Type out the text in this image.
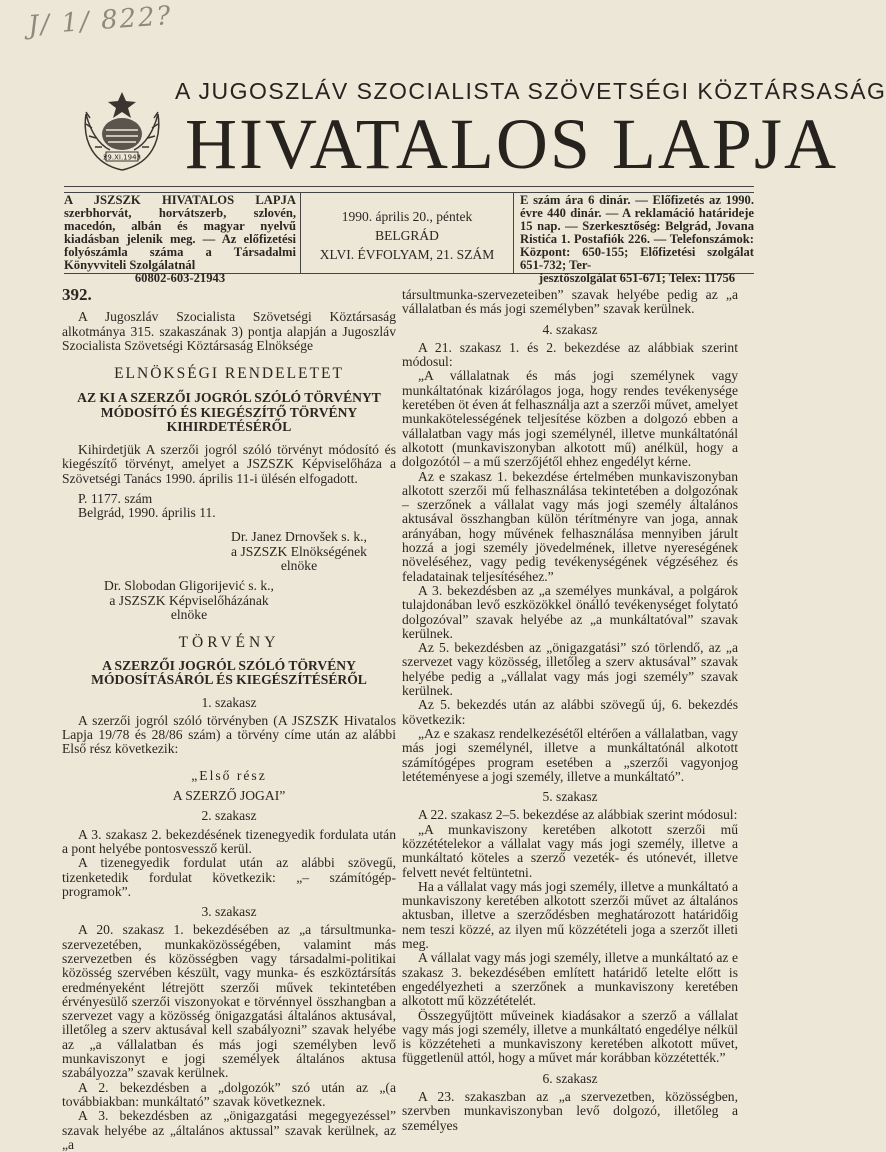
J/ 1/ 822?
29.XI.1943
A JUGOSZLÁV SZOCIALISTA SZÖVETSÉGI KÖZTÁRSASÁG
HIVATALOS LAPJA
A JSZSZK HIVATALOS LAPJA szerbhorvát, horvátszerb, szlovén, macedón, albán és magyar nyelvű kiadásban jelenik meg. — Az előfizetési folyószámla száma a Társadalmi Könyvviteli Szolgálatnál
60802-603-21943
1990. április 20., péntek
BELGRÁD
XLVI. ÉVFOLYAM, 21. SZÁM
E szám ára 6 dinár. — Előfizetés az 1990. évre 440 dinár. — A reklamáció határideje 15 nap. — Szerkesztőség: Belgrád, Jovana Ristića 1. Postafiók 226. — Telefonszámok: Központ: 650-155; Előfizetési szolgálat 651-732; Ter-
jesztőszolgálat 651-671; Telex: 11756
392.

A Jugoszláv Szocialista Szövetségi Köztársaság alkotmánya 315. szakaszának 3) pontja alapján a Jugoszláv Szocialista Szövetségi Köztársaság Elnöksége

ELNÖKSÉGI RENDELETET
AZ KI A SZERZŐI JOGRÓL SZÓLÓ TÖRVÉNYT MÓDOSÍTÓ ÉS KIEGÉSZÍTŐ TÖRVÉNY KIHIRDETÉSÉRŐL

Kihirdetjük A szerzői jogról szóló törvényt módosító és kiegészítő törvényt, amelyet a JSZSZK Képviselőháza a Szövetségi Tanács 1990. április 11-i ülésén elfogadott.

P. 1177. szám

Belgrád, 1990. április 11.

Dr. Janez Drnovšek s. k.,
a JSZSZK Elnökségének
elnöke
Dr. Slobodan Gligorijević s. k.,
a JSZSZK Képviselőházának
elnöke
TÖRVÉNY
A SZERZŐI JOGRÓL SZÓLÓ TÖRVÉNY MÓDOSÍTÁSÁRÓL ÉS KIEGÉSZÍTÉSÉRŐL
1. szakasz

A szerzői jogról szóló törvényben (A JSZSZK Hivatalos Lapja 19/78 és 28/86 szám) a törvény címe után az alábbi Első rész következik:

„Első rész
A SZERZŐ JOGAI”
2. szakasz

A 3. szakasz 2. bekezdésének tizenegyedik fordulata után a pont helyébe pontosvessző kerül.

A tizenegyedik fordulat után az alábbi szövegű, tizenketedik fordulat következik: „– számítógép-programok”.

3. szakasz

A 20. szakasz 1. bekezdésében az „a társultmunka-szervezetében, munkaközösségében, valamint más szervezetben és közösségben vagy társadalmi-politikai közösség szervében készült, vagy munka- és eszköztársítás eredményeként létrejött szerzői művek tekintetében érvényesülő szerzői viszonyokat e törvénnyel összhangban a szervezet vagy a közösség önigazgatási általános aktusával, illetőleg a szerv aktusával kell szabályozni” szavak helyébe az „a vállalatban és más jogi személyben levő munkaviszonyt e jogi személyek általános aktusa szabályozza” szavak kerülnek.

A 2. bekezdésben a „dolgozók” szó után az „(a továbbiakban: munkáltató” szavak következnek.

A 3. bekezdésben az „önigazgatási megegyezéssel” szavak helyébe az „általános aktussal” szavak kerülnek, az „a

társultmunka-szervezeteiben” szavak helyébe pedig az „a vállalatban és más jogi személyben” szavak kerülnek.

4. szakasz

A 21. szakasz 1. és 2. bekezdése az alábbiak szerint módosul:

„A vállalatnak és más jogi személynek vagy munkáltatónak kizárólagos joga, hogy rendes tevékenysége keretében öt éven át felhasználja azt a szerzői művet, amelyet munkakötelességének teljesítése közben a dolgozó ebben a vállalatban vagy más jogi személynél, illetve munkáltatónál alkotott (munkaviszonyban alkotott mű) anélkül, hogy a dolgozótól – a mű szerzőjétől ehhez engedélyt kérne.

Az e szakasz 1. bekezdése értelmében munkaviszonyban alkotott szerzői mű felhasználása tekintetében a dolgozónak – szerzőnek a vállalat vagy más jogi személy általános aktusával összhangban külön térítményre van joga, annak arányában, hogy művének felhasználása mennyiben járult hozzá a jogi személy jövedelmének, illetve nyereségének növeléséhez, vagy pedig tevékenységének végzéséhez és feladatainak teljesítéséhez.”

A 3. bekezdésben az „a személyes munkával, a polgárok tulajdonában levő eszközökkel önálló tevékenységet folytató dolgozóval” szavak helyébe az „a munkáltatóval” szavak kerülnek.

Az 5. bekezdésben az „önigazgatási” szó törlendő, az „a szervezet vagy közösség, illetőleg a szerv aktusával” szavak helyébe pedig a „vállalat vagy más jogi személy” szavak kerülnek.

Az 5. bekezdés után az alábbi szövegű új, 6. bekezdés következik:

„Az e szakasz rendelkezésétől eltérően a vállalatban, vagy más jogi személynél, illetve a munkáltatónál alkotott számítógépes program esetében a „szerzői vagyonjog letéteményese a jogi személy, illetve a munkáltató”.

5. szakasz

A 22. szakasz 2–5. bekezdése az alábbiak szerint módosul:

„A munkaviszony keretében alkotott szerzői mű közzétételekor a vállalat vagy más jogi személy, illetve a munkáltató köteles a szerző vezeték- és utónevét, illetve felvett nevét feltüntetni.

Ha a vállalat vagy más jogi személy, illetve a munkáltató a munkaviszony keretében alkotott szerzői művet az általános aktusban, illetve a szerződésben meghatározott határidőig nem teszi közzé, az ilyen mű közzétételi joga a szerzőt illeti meg.

A vállalat vagy más jogi személy, illetve a munkáltató az e szakasz 3. bekezdésében említett határidő letelte előtt is engedélyezheti a szerzőnek a munkaviszony keretében alkotott mű közzétételét.

Összegyűjtött műveinek kiadásakor a szerző a vállalat vagy más jogi személy, illetve a munkáltató engedélye nélkül is közzéteheti a munkaviszony keretében alkotott művet, függetlenül attól, hogy a művet már korábban közzétették.”

6. szakasz

A 23. szakaszban az „a szervezetben, közösségben, szervben munkaviszonyban levő dolgozó, illetőleg a személyes
